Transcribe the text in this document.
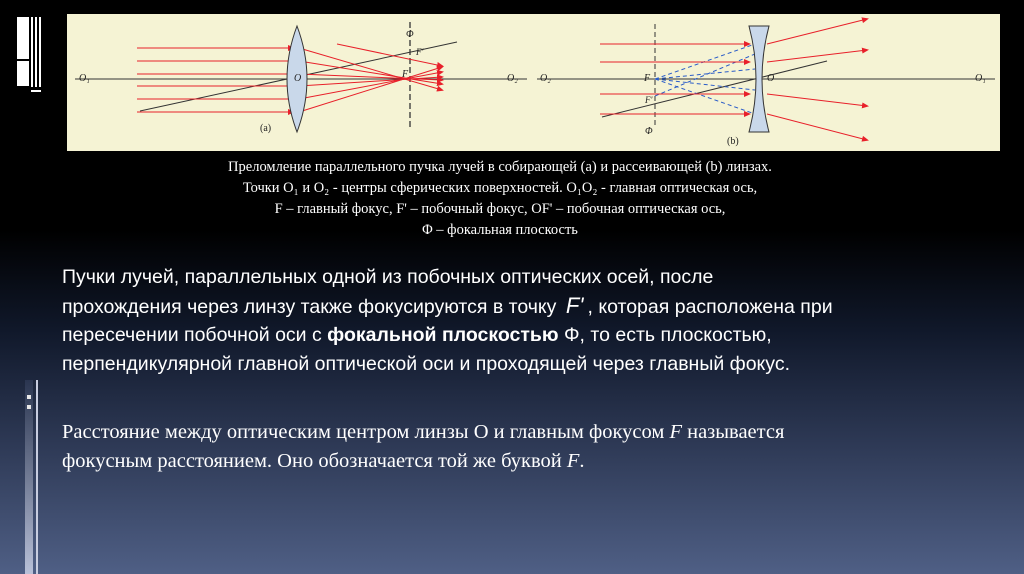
O₁	O	F
F'
Φ
O₂
(a)
O₂	F
F'
Φ
O	O₁
(b)
Преломление параллельного пучка лучей в собирающей (a) и рассеивающей (b) линзах.
Точки O₁ и O₂ - центры сферических поверхностей. O₁O₂ - главная оптическая ось,
F – главный фокус, F' – побочный фокус, OF' – побочная оптическая ось,
Φ – фокальная плоскость
Пучки лучей, параллельных одной из побочных оптических осей, после
прохождения через линзу также фокусируются в точку F' , которая расположена при
пересечении побочной оси с фокальной плоскостью Φ, то есть плоскостью,
перпендикулярной главной оптической оси и проходящей через главный фокус.
Расстояние между оптическим центром линзы O и главным фокусом F называется
фокусным расстоянием. Оно обозначается той же буквой F.
